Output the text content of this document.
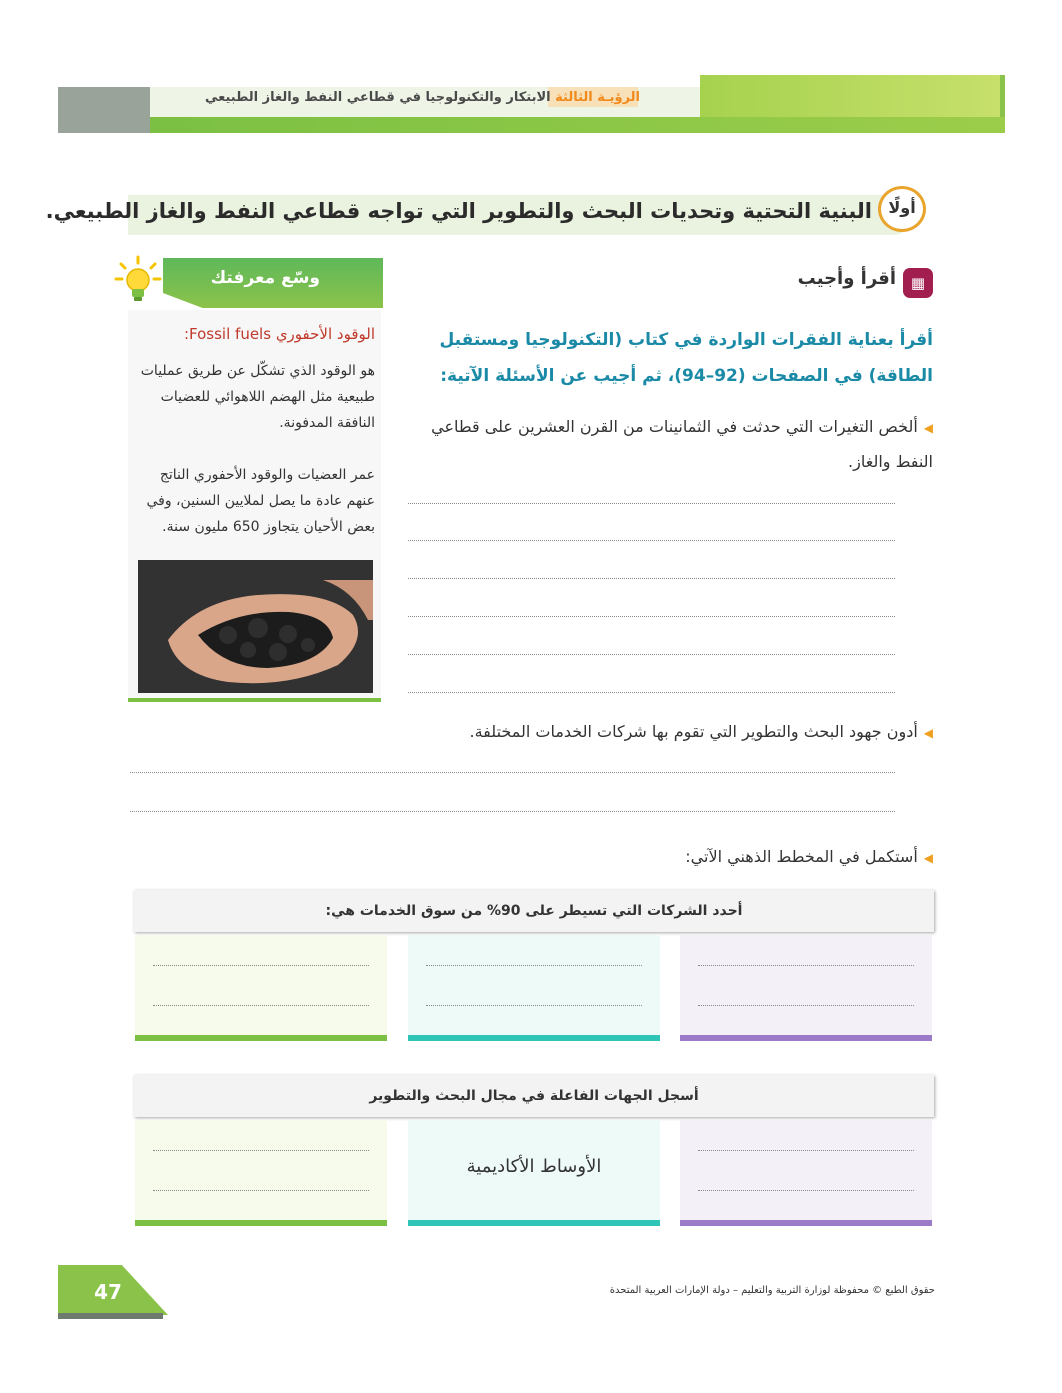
الرؤيـة الثالثة الابتكار والتكنولوجيا في قطاعي النفط والغاز الطبيعي
أولًا
البنية التحتية وتحديات البحث والتطوير التي تواجه قطاعي النفط والغاز الطبيعي.
▦
أقرأ وأجيب
أقرأ بعناية الفقرات الواردة في كتاب (التكنولوجيا ومستقبل الطاقة) في الصفحات (92–94)، ثم أجيب عن الأسئلة الآتية:
◀ألخص التغيرات التي حدثت في الثمانينات من القرن العشرين على قطاعي النفط والغاز.
◀أدون جهود البحث والتطوير التي تقوم بها شركات الخدمات المختلفة.
◀أستكمل في المخطط الذهني الآتي:
وسّع معرفتك
الوقود الأحفوري Fossil fuels:
هو الوقود الذي تشكّل عن طريق عمليات طبيعية مثل الهضم اللاهوائي للعضيات النافقة المدفونة.
عمر العضيات والوقود الأحفوري الناتج عنهم عادة ما يصل لملايين السنين، وفي بعض الأحيان يتجاوز 650 مليون سنة.
أحدد الشركات التي تسيطر على 90% من سوق الخدمات هي:
أسجل الجهات الفاعلة في مجال البحث والتطوير
الأوساط الأكاديمية
47	حقوق الطبع © محفوظة لوزارة التربية والتعليم – دولة الإمارات العربية المتحدة
